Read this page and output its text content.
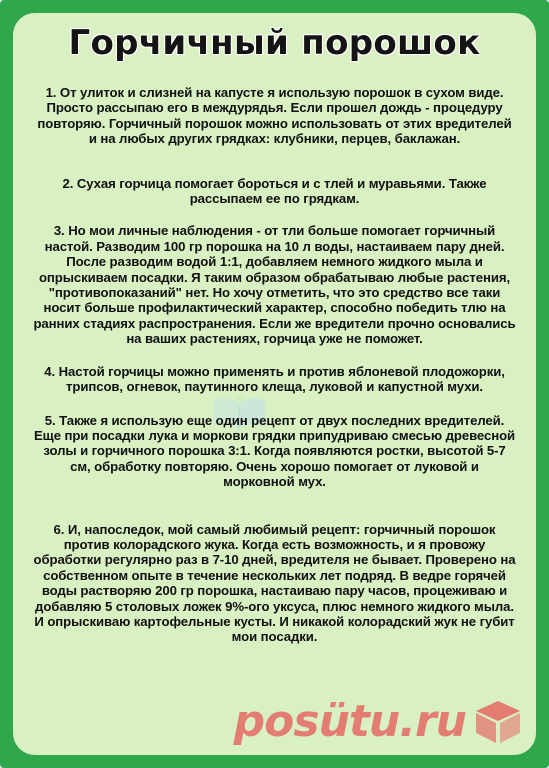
Горчичный порошок

1. От улиток и слизней на капусте я использую порошок в сухом виде. Просто рассыпаю его в междурядья. Если прошел дождь - процедуру повторяю. Горчичный порошок можно использовать от этих вредителей и на любых других грядках: клубники, перцев, баклажан.

2. Сухая горчица помогает бороться и с тлей и муравьями. Также рассыпаем ее по грядкам.

3. Но мои личные наблюдения - от тли больше помогает горчичный настой. Разводим 100 гр порошка на 10 л воды, настаиваем пару дней. После разводим водой 1:1, добавляем немного жидкого мыла и опрыскиваем посадки. Я таким образом обрабатываю любые растения, "противопоказаний" нет. Но хочу отметить, что это средство все таки носит больше профилактический характер, способно победить тлю на ранних стадиях распространения. Если же вредители прочно основались на ваших растениях, горчица уже не поможет.

4. Настой горчицы можно применять и против яблоневой плодожорки, трипсов, огневок, паутинного клеща, луковой и капустной мухи.

5. Также я использую еще один рецепт от двух последних вредителей. Еще при посадки лука и моркови грядки припудриваю смесью древесной золы и горчичного порошка 3:1. Когда появляются ростки, высотой 5-7 см, обработку повторяю. Очень хорошо помогает от луковой и морковной мух.

6. И, напоследок, мой самый любимый рецепт: горчичный порошок против колорадского жука. Когда есть возможность, и я провожу обработки регулярно раз в 7-10 дней, вредителя не бывает. Проверено на собственном опыте в течение нескольких лет подряд. В ведре горячей воды растворяю 200 гр порошка, настаиваю пару часов, процеживаю и добавляю 5 столовых ложек 9%-ого уксуса, плюс немного жидкого мыла. И опрыскиваю картофельные кусты. И никакой колорадский жук не губит мои посадки.

posütu.ru
